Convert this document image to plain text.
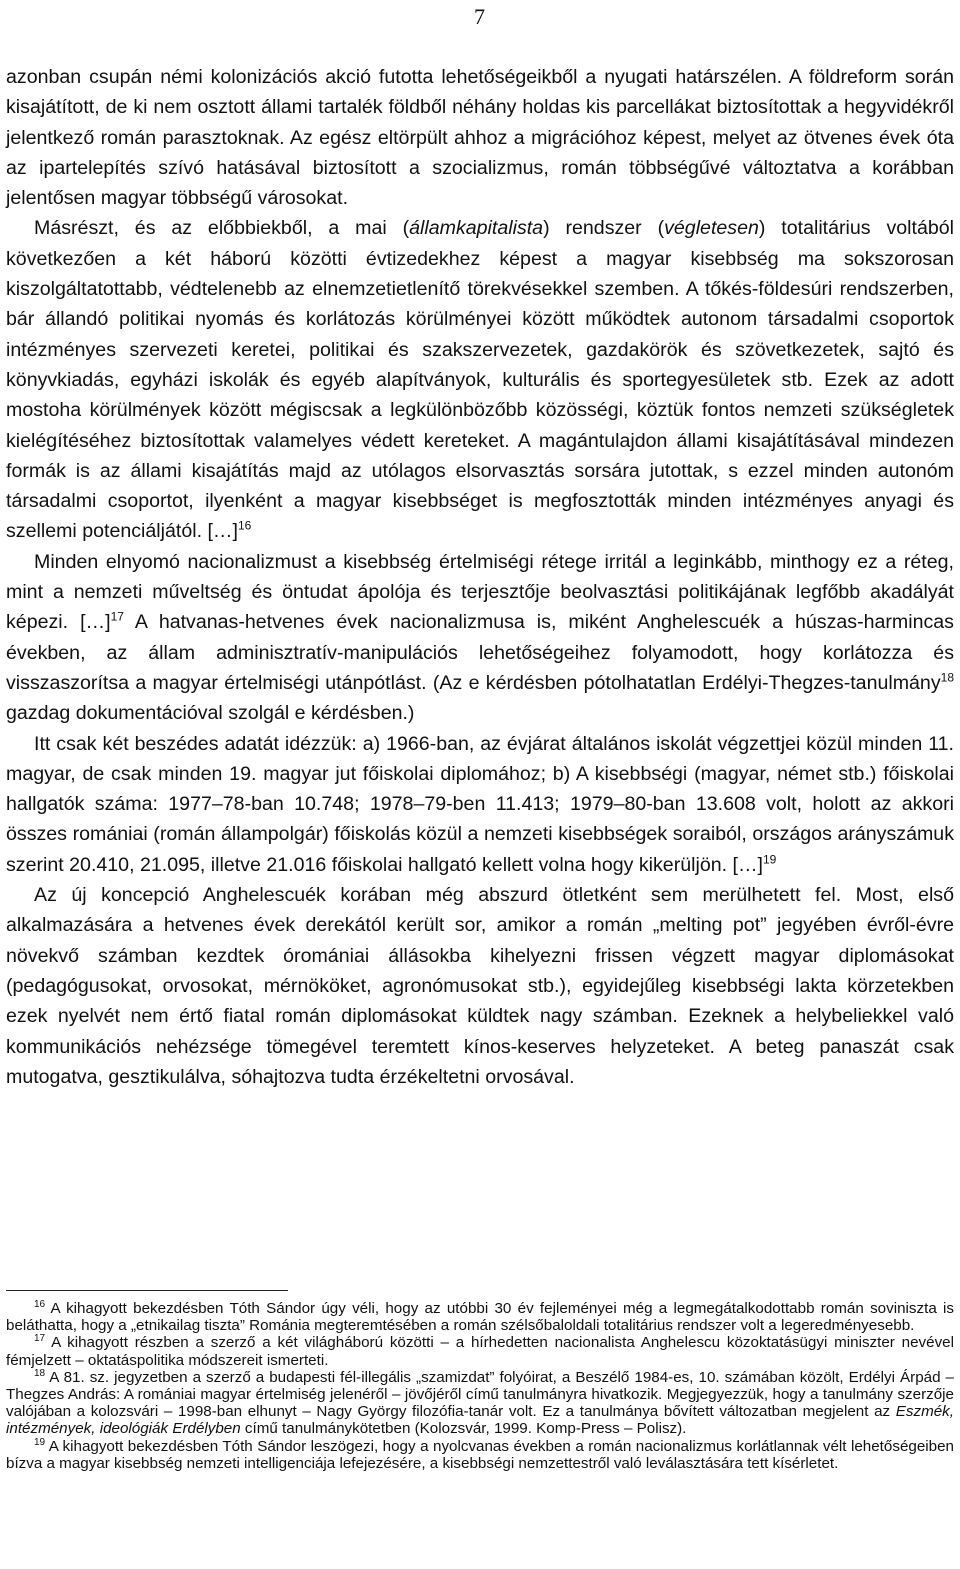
7

azonban csupán némi kolonizációs akció futotta lehetőségeikből a nyugati határszélen. A földreform során kisajátított, de ki nem osztott állami tartalék földből néhány holdas kis parcellákat biztosítottak a hegyvidékről jelentkező román parasztoknak. Az egész eltörpült ahhoz a migrációhoz képest, melyet az ötvenes évek óta az ipartelepítés szívó hatásával biztosított a szocializmus, román többségűvé változtatva a korábban jelentősen magyar többségű városokat.

Másrészt, és az előbbiekből, a mai (államkapitalista) rendszer (végletesen) totalitárius voltából következően a két háború közötti évtizedekhez képest a magyar kisebbség ma sokszorosan kiszolgáltatottabb, védtelenebb az elnemzetietlenítő törekvésekkel szemben. A tőkés-földesúri rendszerben, bár állandó politikai nyomás és korlátozás körülményei között működtek autonom társadalmi csoportok intézményes szervezeti keretei, politikai és szakszervezetek, gazdakörök és szövetkezetek, sajtó és könyvkiadás, egyházi iskolák és egyéb alapítványok, kulturális és sportegyesületek stb. Ezek az adott mostoha körülmények között mégiscsak a legkülönbözőbb közösségi, köztük fontos nemzeti szükségletek kielégítéséhez biztosítottak valamelyes védett kereteket. A magántulajdon állami kisajátításával mindezen formák is az állami kisajátítás majd az utólagos elsorvasztás sorsára jutottak, s ezzel minden autonóm társadalmi csoportot, ilyenként a magyar kisebbséget is megfosztották minden intézményes anyagi és szellemi potenciáljától. […]$^{16}$

Minden elnyomó nacionalizmust a kisebbség értelmiségi rétege irritál a leginkább, minthogy ez a réteg, mint a nemzeti műveltség és öntudat ápolója és terjesztője beolvasztási politikájának legfőbb akadályát képezi. […]$^{17}$ A hatvanas-hetvenes évek nacionalizmusa is, miként Anghelescuék a húszas-harmincas években, az állam adminisztratív-manipulációs lehetőségeihez folyamodott, hogy korlátozza és visszaszorítsa a magyar értelmiségi utánpótlást. (Az e kérdésben pótolhatatlan Erdélyi-Thegzes-tanulmány$^{18}$ gazdag dokumentációval szolgál e kérdésben.)

Itt csak két beszédes adatát idézzük: a) 1966-ban, az évjárat általános iskolát végzettjei közül minden 11. magyar, de csak minden 19. magyar jut főiskolai diplomához; b) A kisebbségi (magyar, német stb.) főiskolai hallgatók száma: 1977–78-ban 10.748; 1978–79-ben 11.413; 1979–80-ban 13.608 volt, holott az akkori összes romániai (román állampolgár) főiskolás közül a nemzeti kisebbségek soraiból, országos arányszámuk szerint 20.410, 21.095, illetve 21.016 főiskolai hallgató kellett volna hogy kikerüljön. […]$^{19}$

Az új koncepció Anghelescuék korában még abszurd ötletként sem merülhetett fel. Most, első alkalmazására a hetvenes évek derekától került sor, amikor a román „melting pot” jegyében évről-évre növekvő számban kezdtek óromániai állásokba kihelyezni frissen végzett magyar diplomásokat (pedagógusokat, orvosokat, mérnököket, agronómusokat stb.), egyidejűleg kisebbségi lakta körzetekben ezek nyelvét nem értő fiatal román diplomásokat küldtek nagy számban. Ezeknek a helybeliekkel való kommunikációs nehézsége tömegével teremtett kínos-keserves helyzeteket. A beteg panaszát csak mutogatva, gesztikulálva, sóhajtozva tudta érzékeltetni orvosával.

$^{16}$ A kihagyott bekezdésben Tóth Sándor úgy véli, hogy az utóbbi 30 év fejleményei még a legmegátalkodottabb román soviniszta is beláthatta, hogy a „etnikailag tiszta” Románia megteremtésében a román szélsőbaloldali totalitárius rendszer volt a legeredményesebb.

$^{17}$ A kihagyott részben a szerző a két világháború közötti – a hírhedetten nacionalista Anghelescu közoktatásügyi miniszter nevével fémjelzett – oktatáspolitika módszereit ismerteti.

$^{18}$ A 81. sz. jegyzetben a szerző a budapesti fél-illegális „szamizdat” folyóirat, a Beszélő 1984-es, 10. számában közölt, Erdélyi Árpád – Thegzes András: A romániai magyar értelmiség jelenéről – jövőjéről című tanulmányra hivatkozik. Megjegyezzük, hogy a tanulmány szerzője valójában a kolozsvári – 1998-ban elhunyt – Nagy György filozófia-tanár volt. Ez a tanulmánya bővített változatban megjelent az Eszmék, intézmények, ideológiák Erdélyben című tanulmánykötetben (Kolozsvár, 1999. Komp-Press – Polisz).

$^{19}$ A kihagyott bekezdésben Tóth Sándor leszögezi, hogy a nyolcvanas években a román nacionalizmus korlátlannak vélt lehetőségeiben bízva a magyar kisebbség nemzeti intelligenciája lefejezésére, a kisebbségi nemzettestről való leválasztására tett kísérletet.
